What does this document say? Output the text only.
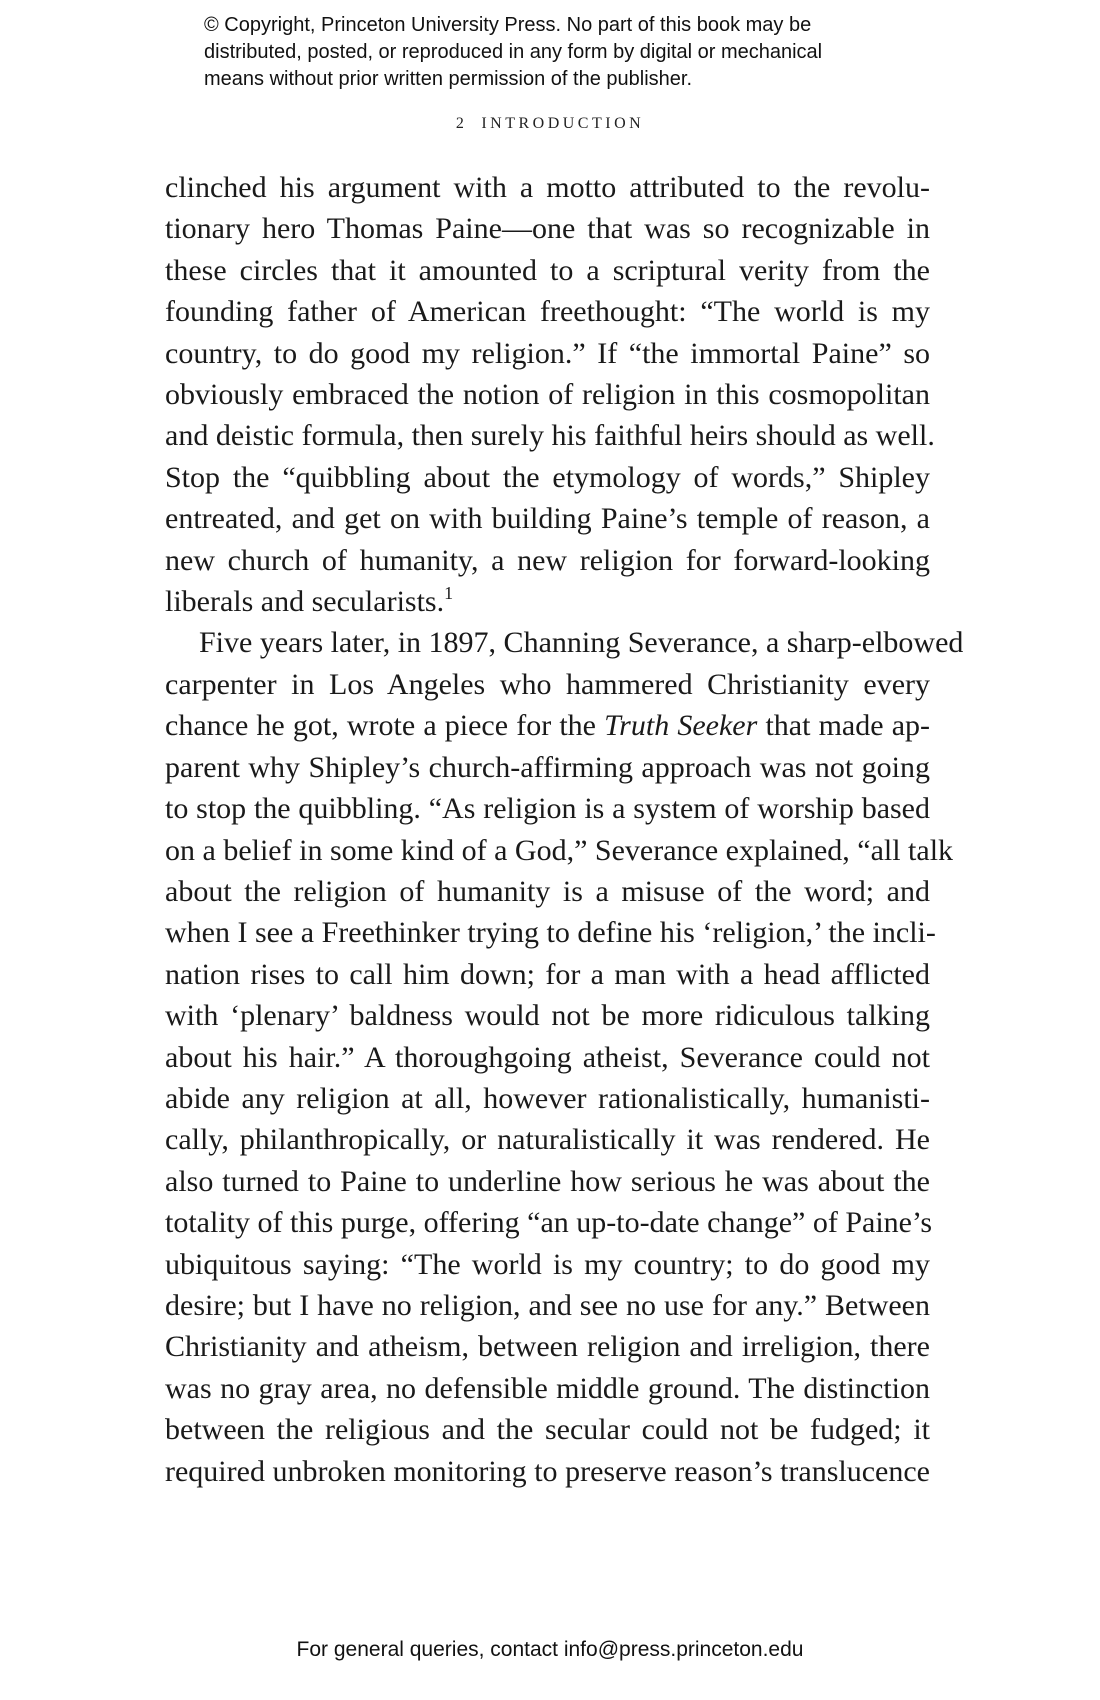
© Copyright, Princeton University Press. No part of this book may be

distributed, posted, or reproduced in any form by digital or mechanical

means without prior written permission of the publisher.

2 INTRODUCTION
clinched his argument with a motto attributed to the revolu-
tionary hero Thomas Paine—one that was so recognizable in
these circles that it amounted to a scriptural verity from the
founding father of American freethought: “The world is my
country, to do good my religion.” If “the immortal Paine” so
obviously embraced the notion of religion in this cosmopolitan
and deistic formula, then surely his faithful heirs should as well.
Stop the “quibbling about the etymology of words,” Shipley
entreated, and get on with building Paine’s temple of reason, a
new church of humanity, a new religion for forward-looking
liberals and secularists.$^1$
Five years later, in 1897, Channing Severance, a sharp-elbowed
carpenter in Los Angeles who hammered Christianity every
chance he got, wrote a piece for the Truth Seeker that made ap-
parent why Shipley’s church-affirming approach was not going
to stop the quibbling. “As religion is a system of worship based
on a belief in some kind of a God,” Severance explained, “all talk
about the religion of humanity is a misuse of the word; and
when I see a Freethinker trying to define his ‘religion,’ the incli-
nation rises to call him down; for a man with a head afflicted
with ‘plenary’ baldness would not be more ridiculous talking
about his hair.” A thoroughgoing atheist, Severance could not
abide any religion at all, however rationalistically, humanisti-
cally, philanthropically, or naturalistically it was rendered. He
also turned to Paine to underline how serious he was about the
totality of this purge, offering “an up-to-date change” of Paine’s
ubiquitous saying: “The world is my country; to do good my
desire; but I have no religion, and see no use for any.” Between
Christianity and atheism, between religion and irreligion, there
was no gray area, no defensible middle ground. The distinction
between the religious and the secular could not be fudged; it
required unbroken monitoring to preserve reason’s translucence
For general queries, contact info@press.princeton.edu
